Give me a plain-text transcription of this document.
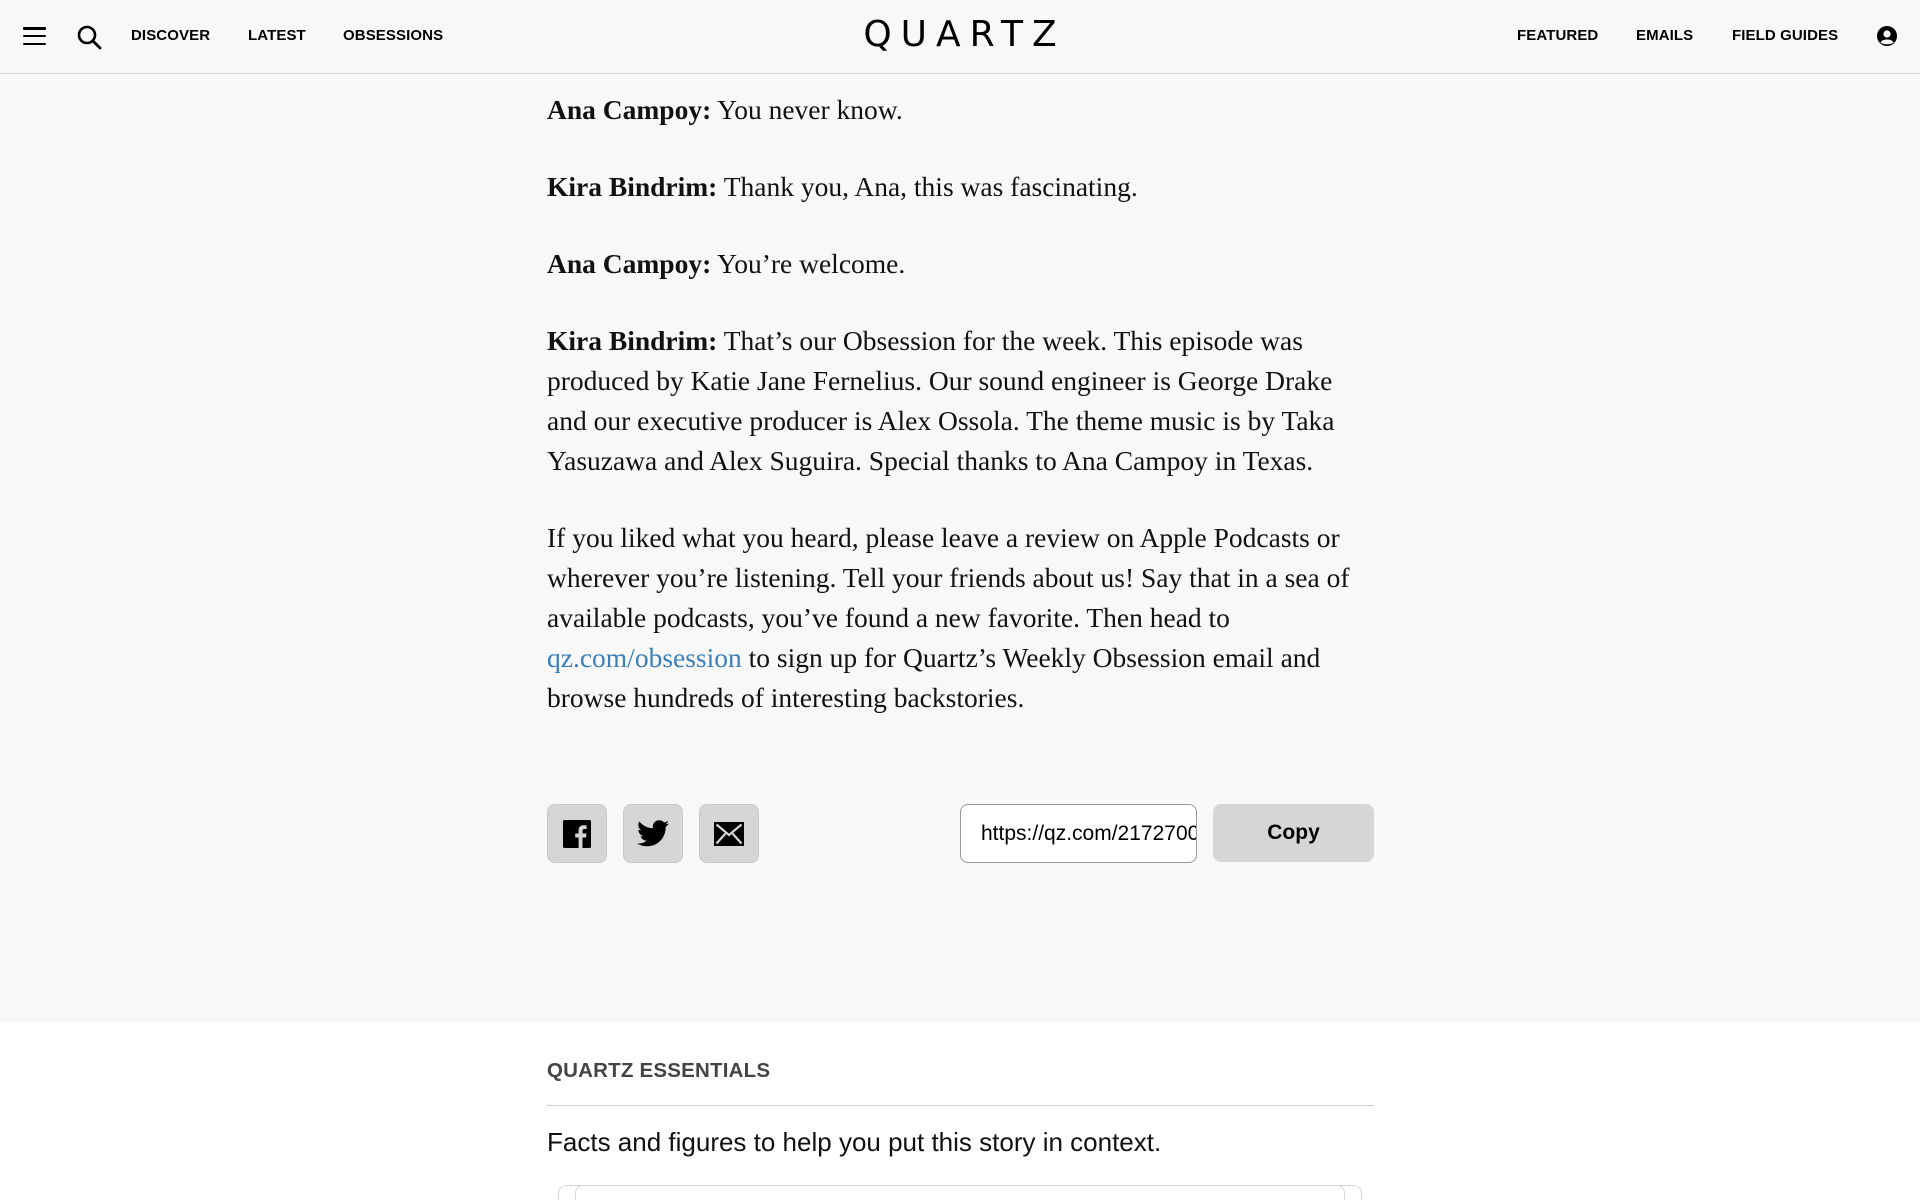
DISCOVER	LATEST OBSESSIONS	QUARTZ	FEATURED	EMAILS	FIELD GUIDES

Ana Campoy: You never know.

Kira Bindrim: Thank you, Ana, this was fascinating.

Ana Campoy: You’re welcome.

Kira Bindrim: That’s our Obsession for the week. This episode was produced by Katie Jane Fernelius. Our sound engineer is George Drake and our executive producer is Alex Ossola. The theme music is by Taka Yasuzawa and Alex Suguira. Special thanks to Ana Campoy in Texas.

If you liked what you heard, please leave a review on Apple Podcasts or wherever you’re listening. Tell your friends about us! Say that in a sea of available podcasts, you’ve found a new favorite. Then head to qz.com/obsession to sign up for Quartz’s Weekly Obsession email and browse hundreds of interesting backstories.

https://qz.com/2172700
Copy
QUARTZ ESSENTIALS
Facts and figures to help you put this story in context.
